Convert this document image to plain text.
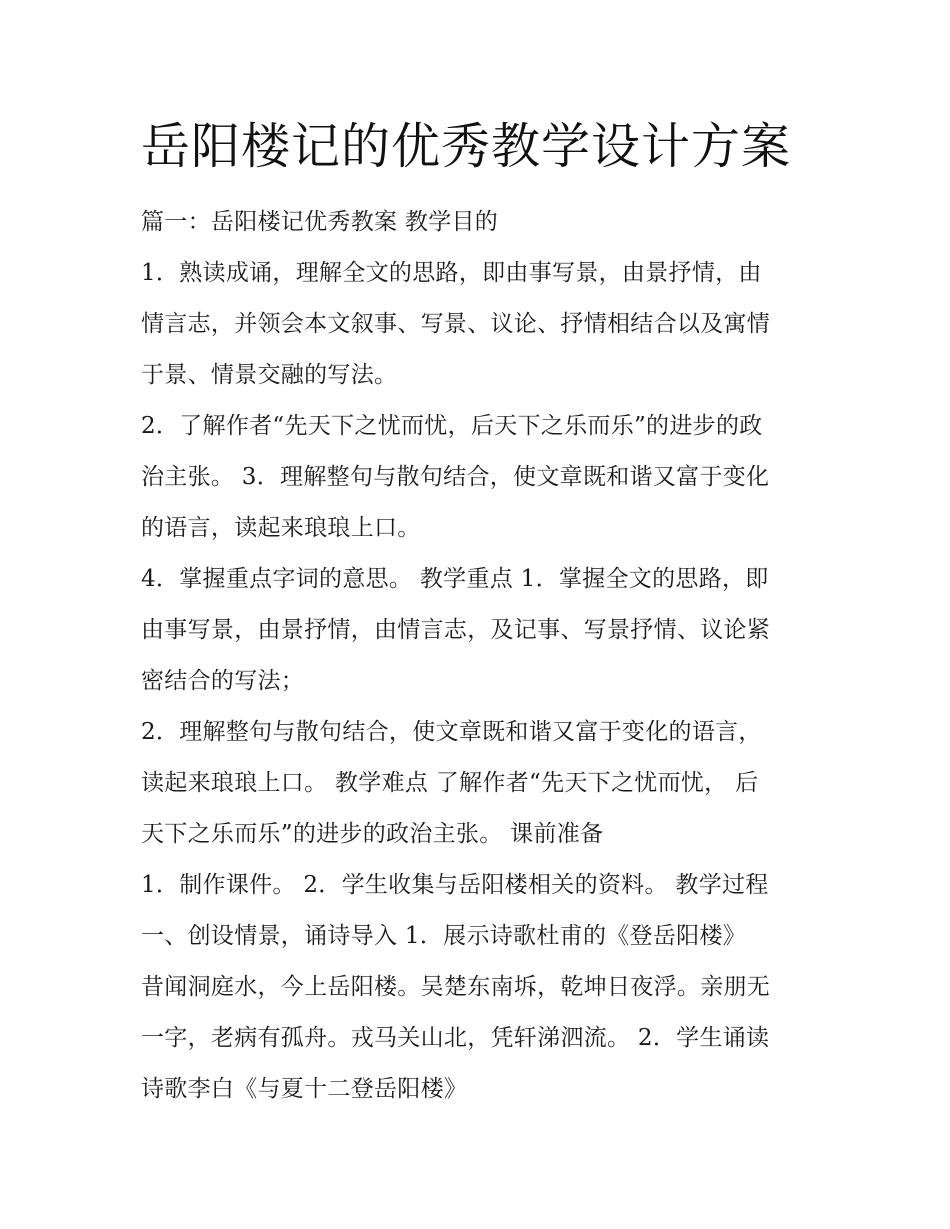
岳阳楼记的优秀教学设计方案
篇一：岳阳楼记优秀教案 教学目的
1．熟读成诵，理解全文的思路，即由事写景，由景抒情，由
情言志，并领会本文叙事、写景、议论、抒情相结合以及寓情
于景、情景交融的写法。
2．了解作者“先天下之忧而忧，后天下之乐而乐”的进步的政
治主张。 3．理解整句与散句结合，使文章既和谐又富于变化
的语言，读起来琅琅上口。
4．掌握重点字词的意思。 教学重点 1．掌握全文的思路，即
由事写景，由景抒情，由情言志，及记事、写景抒情、议论紧
密结合的写法；
2．理解整句与散句结合，使文章既和谐又富于变化的语言，
读起来琅琅上口。 教学难点 了解作者“先天下之忧而忧， 后
天下之乐而乐”的进步的政治主张。 课前准备
1．制作课件。 2．学生收集与岳阳楼相关的资料。 教学过程
一、创设情景，诵诗导入 1．展示诗歌杜甫的《登岳阳楼》
昔闻洞庭水，今上岳阳楼。吴楚东南坼，乾坤日夜浮。亲朋无
一字，老病有孤舟。戎马关山北，凭轩涕泗流。 2．学生诵读
诗歌李白《与夏十二登岳阳楼》
